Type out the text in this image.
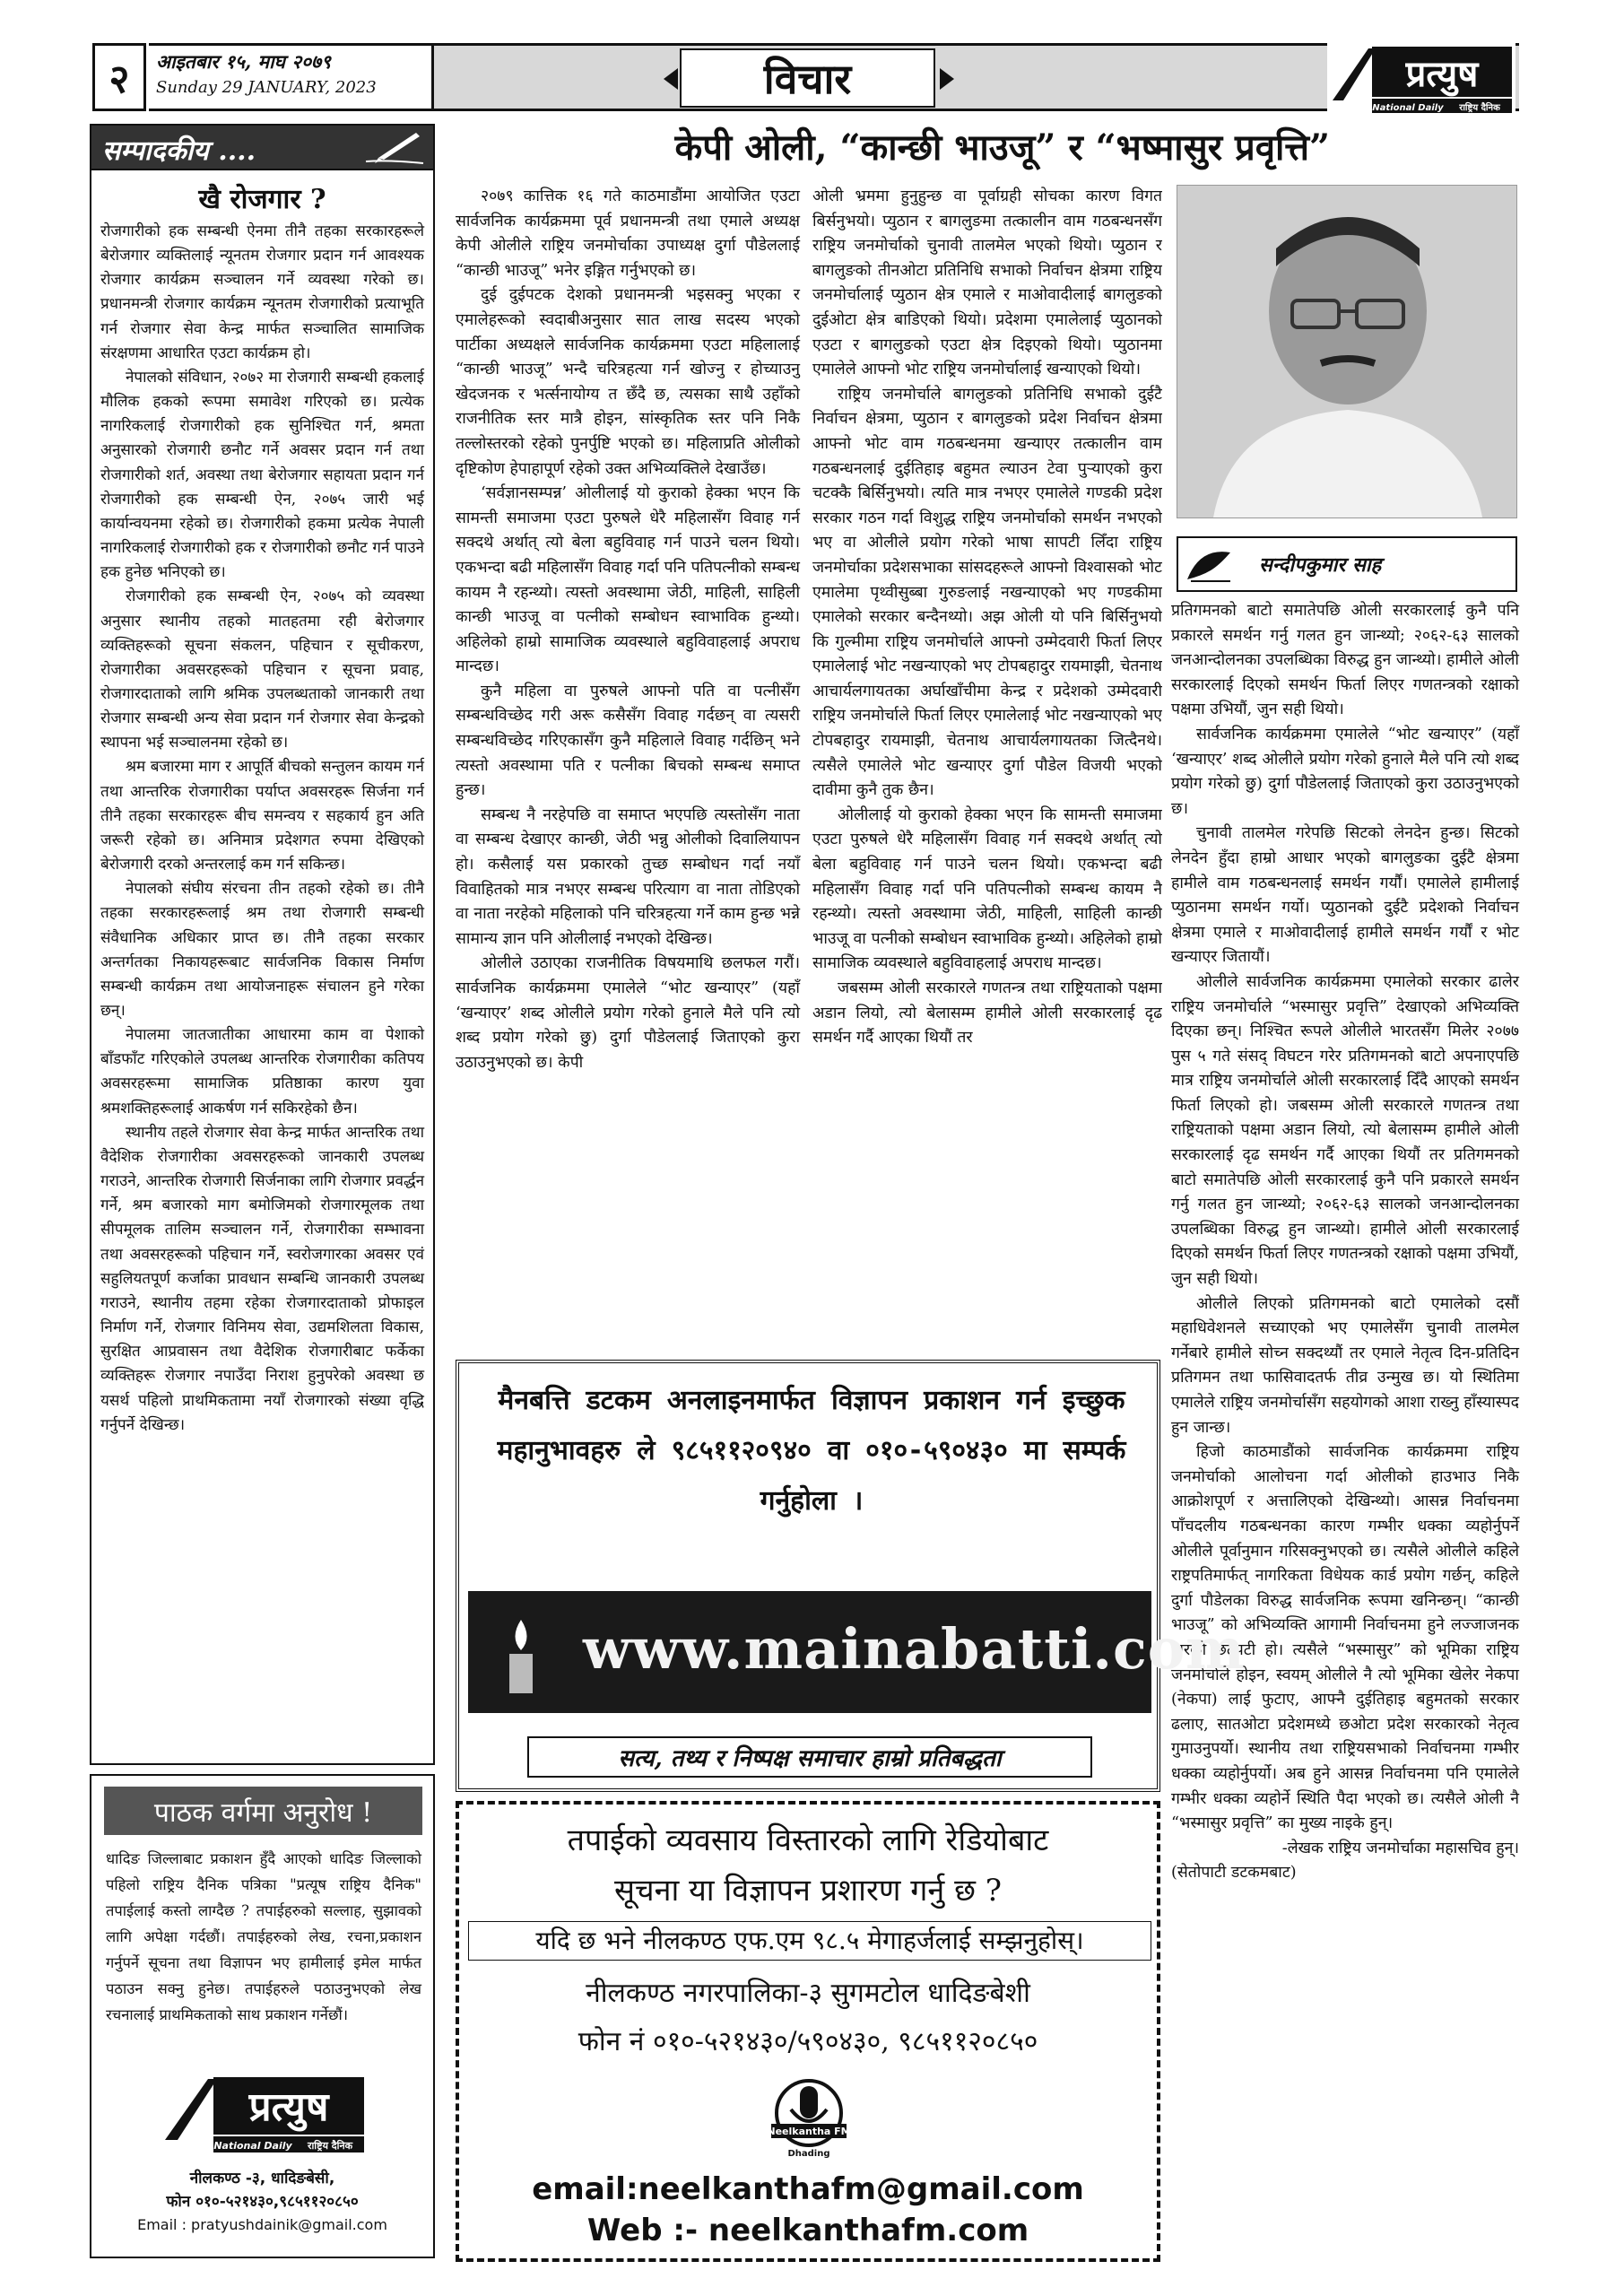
२	आइतबार १५, माघ २०७९
Sunday 29 JANUARY, 2023	विचार	प्रत्युष
National Daily राष्ट्रिय दैनिक
सम्पादकीय ....
खै रोजगार ?

रोजगारीको हक सम्बन्धी ऐनमा तीनै तहका सरकारहरूले बेरोजगार व्यक्तिलाई न्यूनतम रोजगार प्रदान गर्न आवश्यक रोजगार कार्यक्रम सञ्चालन गर्ने व्यवस्था गरेको छ। प्रधानमन्त्री रोजगार कार्यक्रम न्यूनतम रोजगारीको प्रत्याभूति गर्न रोजगार सेवा केन्द्र मार्फत सञ्चालित सामाजिक संरक्षणमा आधारित एउटा कार्यक्रम हो।

नेपालको संविधान, २०७२ मा रोजगारी सम्बन्धी हकलाई मौलिक हकको रूपमा समावेश गरिएको छ। प्रत्येक नागरिकलाई रोजगारीको हक सुनिश्चित गर्न, श्रमता अनुसारको रोजगारी छनौट गर्ने अवसर प्रदान गर्न तथा रोजगारीको शर्त, अवस्था तथा बेरोजगार सहायता प्रदान गर्न रोजगारीको हक सम्बन्धी ऐन, २०७५ जारी भई कार्यान्वयनमा रहेको छ। रोजगारीको हकमा प्रत्येक नेपाली नागरिकलाई रोजगारीको हक र रोजगारीको छनौट गर्न पाउने हक हुनेछ भनिएको छ।

रोजगारीको हक सम्बन्धी ऐन, २०७५ को व्यवस्था अनुसार स्थानीय तहको मातहतमा रही बेरोजगार व्यक्तिहरूको सूचना संकलन, पहिचान र सूचीकरण, रोजगारीका अवसरहरूको पहिचान र सूचना प्रवाह, रोजगारदाताको लागि श्रमिक उपलब्धताको जानकारी तथा रोजगार सम्बन्धी अन्य सेवा प्रदान गर्न रोजगार सेवा केन्द्रको स्थापना भई सञ्चालनमा रहेको छ।

श्रम बजारमा माग र आपूर्ति बीचको सन्तुलन कायम गर्न तथा आन्तरिक रोजगारीका पर्याप्त अवसरहरू सिर्जना गर्न तीनै तहका सरकारहरू बीच समन्वय र सहकार्य हुन अति जरूरी रहेको छ। अनिमात्र प्रदेशगत रुपमा देखिएको बेरोजगारी दरको अन्तरलाई कम गर्न सकिन्छ।

नेपालको संघीय संरचना तीन तहको रहेको छ। तीनै तहका सरकारहरूलाई श्रम तथा रोजगारी सम्बन्धी संवैधानिक अधिकार प्राप्त छ। तीनै तहका सरकार अन्तर्गतका निकायहरूबाट सार्वजनिक विकास निर्माण सम्बन्धी कार्यक्रम तथा आयोजनाहरू संचालन हुने गरेका छन्।

नेपालमा जातजातीका आधारमा काम वा पेशाको बाँडफाँट गरिएकोले उपलब्ध आन्तरिक रोजगारीका कतिपय अवसरहरूमा सामाजिक प्रतिष्ठाका कारण युवा श्रमशक्तिहरूलाई आकर्षण गर्न सकिरहेको छैन।

स्थानीय तहले रोजगार सेवा केन्द्र मार्फत आन्तरिक तथा वैदेशिक रोजगारीका अवसरहरूको जानकारी उपलब्ध गराउने, आन्तरिक रोजगारी सिर्जनाका लागि रोजगार प्रवर्द्धन गर्ने, श्रम बजारको माग बमोजिमको रोजगारमूलक तथा सीपमूलक तालिम सञ्चालन गर्ने, रोजगारीका सम्भावना तथा अवसरहरूको पहिचान गर्ने, स्वरोजगारका अवसर एवं सहुलियतपूर्ण कर्जाका प्रावधान सम्बन्धि जानकारी उपलब्ध गराउने, स्थानीय तहमा रहेका रोजगारदाताको प्रोफाइल निर्माण गर्ने, रोजगार विनिमय सेवा, उद्यमशिलता विकास, सुरक्षित आप्रवासन तथा वैदेशिक रोजगारीबाट फर्केका व्यक्तिहरू रोजगार नपाउँदा निराश हुनुपरेको अवस्था छ यसर्थ पहिलो प्राथमिकतामा नयाँ रोजगारको संख्या वृद्धि गर्नुपर्ने देखिन्छ।

पाठक वर्गमा अनुरोध !
धादिङ जिल्लाबाट प्रकाशन हुँदै आएको धादिङ जिल्लाको पहिलो राष्ट्रिय दैनिक पत्रिका "प्रत्यूष राष्ट्रिय दैनिक" तपाईलाई कस्तो लाग्दैछ ? तपाईहरुको सल्लाह, सुझावको लागि अपेक्षा गर्दछौं। तपाईहरुको लेख, रचना,प्रकाशन गर्नुपर्ने सूचना तथा विज्ञापन भए हामीलाई इमेल मार्फत पठाउन सक्नु हुनेछ। तपाईहरुले पठाउनुभएको लेख रचनालाई प्राथमिकताको साथ प्रकाशन गर्नेछौं।
प्रत्युष
National Daily राष्ट्रिय दैनिक
नीलकण्ठ -३, धादिङबेसी,
फोन ०१०-५२१४३०,९८५११२०८५०
Email : pratyushdainik@gmail.com
केपी ओली, “कान्छी भाउजू” र “भष्मासुर प्रवृत्ति”

२०७९ कात्तिक १६ गते काठमाडौंमा आयोजित एउटा सार्वजनिक कार्यक्रममा पूर्व प्रधानमन्त्री तथा एमाले अध्यक्ष केपी ओलीले राष्ट्रिय जनमोर्चाका उपाध्यक्ष दुर्गा पौडेललाई “कान्छी भाउजू” भनेर इङ्गित गर्नुभएको छ।

दुई दुईपटक देशको प्रधानमन्त्री भइसक्नु भएका र एमालेहरूको स्वदाबीअनुसार सात लाख सदस्य भएको पार्टीका अध्यक्षले सार्वजनिक कार्यक्रममा एउटा महिलालाई “कान्छी भाउजू” भन्दै चरित्रहत्या गर्न खोज्नु र होच्याउनु खेदजनक र भर्त्सनायोग्य त छँदै छ, त्यसका साथै उहाँको राजनीतिक स्तर मात्रै होइन, सांस्कृतिक स्तर पनि निकै तल्लोस्तरको रहेको पुनर्पुष्टि भएको छ। महिलाप्रति ओलीको दृष्टिकोण हेपाहापूर्ण रहेको उक्त अभिव्यक्तिले देखाउँछ।

‘सर्वज्ञानसम्पन्न’ ओलीलाई यो कुराको हेक्का भएन कि सामन्ती समाजमा एउटा पुरुषले धेरै महिलासँग विवाह गर्न सक्दथे अर्थात् त्यो बेला बहुविवाह गर्न पाउने चलन थियो। एकभन्दा बढी महिलासँग विवाह गर्दा पनि पतिपत्नीको सम्बन्ध कायम नै रहन्थ्यो। त्यस्तो अवस्थामा जेठी, माहिली, साहिली कान्छी भाउजू वा पत्नीको सम्बोधन स्वाभाविक हुन्थ्यो। अहिलेको हाम्रो सामाजिक व्यवस्थाले बहुविवाहलाई अपराध मान्दछ।

कुनै महिला वा पुरुषले आफ्नो पति वा पत्नीसँग सम्बन्धविच्छेद गरी अरू कसैसँग विवाह गर्दछन् वा त्यसरी सम्बन्धविच्छेद गरिएकासँग कुनै महिलाले विवाह गर्दछिन् भने त्यस्तो अवस्थामा पति र पत्नीका बिचको सम्बन्ध समाप्त हुन्छ।

सम्बन्ध नै नरहेपछि वा समाप्त भएपछि त्यस्तोसँग नाता वा सम्बन्ध देखाएर कान्छी, जेठी भन्नु ओलीको दिवालियापन हो। कसैलाई यस प्रकारको तुच्छ सम्बोधन गर्दा नयाँ विवाहितको मात्र नभएर सम्बन्ध परित्याग वा नाता तोडिएको वा नाता नरहेको महिलाको पनि चरित्रहत्या गर्ने काम हुन्छ भन्ने सामान्य ज्ञान पनि ओलीलाई नभएको देखिन्छ।

ओलीले उठाएका राजनीतिक विषयमाथि छलफल गरौं। सार्वजनिक कार्यक्रममा एमालेले “भोट खन्याएर” (यहाँ ‘खन्याएर’ शब्द ओलीले प्रयोग गरेको हुनाले मैले पनि त्यो शब्द प्रयोग गरेको छु) दुर्गा पौडेललाई जिताएको कुरा उठाउनुभएको छ। केपी

ओली भ्रममा हुनुहुन्छ वा पूर्वाग्रही सोचका कारण विगत बिर्सनुभयो। प्युठान र बागलुङमा तत्कालीन वाम गठबन्धनसँग राष्ट्रिय जनमोर्चाको चुनावी तालमेल भएको थियो। प्युठान र बागलुङको तीनओटा प्रतिनिधि सभाको निर्वाचन क्षेत्रमा राष्ट्रिय जनमोर्चालाई प्युठान क्षेत्र एमाले र माओवादीलाई बागलुङको दुईओटा क्षेत्र बाडिएको थियो। प्रदेशमा एमालेलाई प्युठानको एउटा र बागलुङको एउटा क्षेत्र दिइएको थियो। प्युठानमा एमालेले आफ्नो भोट राष्ट्रिय जनमोर्चालाई खन्याएको थियो।

राष्ट्रिय जनमोर्चाले बागलुङको प्रतिनिधि सभाको दुईटै निर्वाचन क्षेत्रमा, प्युठान र बागलुङको प्रदेश निर्वाचन क्षेत्रमा आफ्नो भोट वाम गठबन्धनमा खन्याएर तत्कालीन वाम गठबन्धनलाई दुईतिहाइ बहुमत ल्याउन टेवा पुर्‍याएको कुरा चटक्कै बिर्सिनुभयो। त्यति मात्र नभएर एमालेले गण्डकी प्रदेश सरकार गठन गर्दा विशुद्ध राष्ट्रिय जनमोर्चाको समर्थन नभएको भए वा ओलीले प्रयोग गरेको भाषा सापटी लिँदा राष्ट्रिय जनमोर्चाका प्रदेशसभाका सांसदहरूले आफ्नो विश्वासको भोट एमालेमा पृथ्वीसुब्बा गुरुङलाई नखन्याएको भए गण्डकीमा एमालेको सरकार बन्दैनथ्यो। अझ ओली यो पनि बिर्सिनुभयो कि गुल्मीमा राष्ट्रिय जनमोर्चाले आफ्नो उम्मेदवारी फिर्ता लिएर एमालेलाई भोट नखन्याएको भए टोपबहादुर रायमाझी, चेतनाथ आचार्यलगायतका अर्घाखाँचीमा केन्द्र र प्रदेशको उम्मेदवारी राष्ट्रिय जनमोर्चाले फिर्ता लिएर एमालेलाई भोट नखन्याएको भए टोपबहादुर रायमाझी, चेतनाथ आचार्यलगायतका जित्दैनथे। त्यसैले एमालेले भोट खन्याएर दुर्गा पौडेल विजयी भएको दावीमा कुनै तुक छैन।

ओलीलाई यो कुराको हेक्का भएन कि सामन्ती समाजमा एउटा पुरुषले धेरै महिलासँग विवाह गर्न सक्दथे अर्थात् त्यो बेला बहुविवाह गर्न पाउने चलन थियो। एकभन्दा बढी महिलासँग विवाह गर्दा पनि पतिपत्नीको सम्बन्ध कायम नै रहन्थ्यो। त्यस्तो अवस्थामा जेठी, माहिली, साहिली कान्छी भाउजू वा पत्नीको सम्बोधन स्वाभाविक हुन्थ्यो। अहिलेको हाम्रो सामाजिक व्यवस्थाले बहुविवाहलाई अपराध मान्दछ।

जबसम्म ओली सरकारले गणतन्त्र तथा राष्ट्रियताको पक्षमा अडान लियो, त्यो बेलासम्म हामीले ओली सरकारलाई दृढ समर्थन गर्दै आएका थियौं तर

सन्दीपकुमार साह

प्रतिगमनको बाटो समातेपछि ओली सरकारलाई कुनै पनि प्रकारले समर्थन गर्नु गलत हुन जान्थ्यो; २०६२-६३ सालको जनआन्दोलनका उपलब्धिका विरुद्ध हुन जान्थ्यो। हामीले ओली सरकारलाई दिएको समर्थन फिर्ता लिएर गणतन्त्रको रक्षाको पक्षमा उभियौं, जुन सही थियो।

सार्वजनिक कार्यक्रममा एमालेले “भोट खन्याएर” (यहाँ ‘खन्याएर’ शब्द ओलीले प्रयोग गरेको हुनाले मैले पनि त्यो शब्द प्रयोग गरेको छु) दुर्गा पौडेललाई जिताएको कुरा उठाउनुभएको छ।

चुनावी तालमेल गरेपछि सिटको लेनदेन हुन्छ। सिटको लेनदेन हुँदा हाम्रो आधार भएको बागलुङका दुईटै क्षेत्रमा हामीले वाम गठबन्धनलाई समर्थन गर्यौं। एमालेले हामीलाई प्युठानमा समर्थन गर्यो। प्युठानको दुईटै प्रदेशको निर्वाचन क्षेत्रमा एमाले र माओवादीलाई हामीले समर्थन गर्यौं र भोट खन्याएर जितायौं।

ओलीले सार्वजनिक कार्यक्रममा एमालेको सरकार ढालेर राष्ट्रिय जनमोर्चाले “भस्मासुर प्रवृत्ति” देखाएको अभिव्यक्ति दिएका छन्। निश्चित रूपले ओलीले भारतसँग मिलेर २०७७ पुस ५ गते संसद् विघटन गरेर प्रतिगमनको बाटो अपनाएपछि मात्र राष्ट्रिय जनमोर्चाले ओली सरकारलाई दिँदै आएको समर्थन फिर्ता लिएको हो। जबसम्म ओली सरकारले गणतन्त्र तथा राष्ट्रियताको पक्षमा अडान लियो, त्यो बेलासम्म हामीले ओली सरकारलाई दृढ समर्थन गर्दै आएका थियौं तर प्रतिगमनको बाटो समातेपछि ओली सरकारलाई कुनै पनि प्रकारले समर्थन गर्नु गलत हुन जान्थ्यो; २०६२-६३ सालको जनआन्दोलनका उपलब्धिका विरुद्ध हुन जान्थ्यो। हामीले ओली सरकारलाई दिएको समर्थन फिर्ता लिएर गणतन्त्रको रक्षाको पक्षमा उभियौं, जुन सही थियो।

ओलीले लिएको प्रतिगमनको बाटो एमालेको दसौं महाधिवेशनले सच्याएको भए एमालेसँग चुनावी तालमेल गर्नेबारे हामीले सोच्न सक्दथ्यौं तर एमाले नेतृत्व दिन-प्रतिदिन प्रतिगमन तथा फासिवादतर्फ तीव्र उन्मुख छ। यो स्थितिमा एमालेले राष्ट्रिय जनमोर्चासँग सहयोगको आशा राख्नु हाँस्यास्पद हुन जान्छ।

हिजो काठमाडौंको सार्वजनिक कार्यक्रममा राष्ट्रिय जनमोर्चाको आलोचना गर्दा ओलीको हाउभाउ निकै आक्रोशपूर्ण र अत्तालिएको देखिन्थ्यो। आसन्न निर्वाचनमा पाँचदलीय गठबन्धनका कारण गम्भीर धक्का व्यहोर्नुपर्ने ओलीले पूर्वानुमान गरिसक्नुभएको छ। त्यसैले ओलीले कहिले राष्ट्रपतिमार्फत् नागरिकता विधेयक कार्ड प्रयोग गर्छन्, कहिले दुर्गा पौडेलका विरुद्ध सार्वजनिक रूपमा खनिन्छन्। “कान्छी भाउजू” को अभिव्यक्ति आगामी निर्वाचनमा हुने लज्जाजनक हारको छटपटी हो। त्यसैले “भस्मासुर” को भूमिका राष्ट्रिय जनमोर्चाले होइन, स्वयम् ओलीले नै त्यो भूमिका खेलेर नेकपा (नेकपा) लाई फुटाए, आफ्नै दुईतिहाइ बहुमतको सरकार ढलाए, सातओटा प्रदेशमध्ये छओटा प्रदेश सरकारको नेतृत्व गुमाउनुपर्यो। स्थानीय तथा राष्ट्रियसभाको निर्वाचनमा गम्भीर धक्का व्यहोर्नुपर्यो। अब हुने आसन्न निर्वाचनमा पनि एमालेले गम्भीर धक्का व्यहोर्ने स्थिति पैदा भएको छ। त्यसैले ओली नै “भस्मासुर प्रवृत्ति” का मुख्य नाइके हुन्।

-लेखक राष्ट्रिय जनमोर्चाका महासचिव हुन्।

(सेतोपाटी डटकमबाट)

मैनबत्ति डटकम अनलाइनमार्फत विज्ञापन प्रकाशन गर्न इच्छुक महानुभावहरु ले ९८५११२०९४० वा ०१०-५९०४३० मा सम्पर्क गर्नुहोला ।
www.mainabatti.com
सत्य, तथ्य र निष्पक्ष समाचार हाम्रो प्रतिबद्धता
तपाईको व्यवसाय विस्तारको लागि रेडियोबाट
सूचना या विज्ञापन प्रशारण गर्नु छ ?
यदि छ भने नीलकण्ठ एफ.एम ९८.५ मेगाहर्जलाई सम्झनुहोस्।
नीलकण्ठ नगरपालिका-३ सुगमटोल धादिङबेशी
फोन नं ०१०-५२१४३०/५९०४३०, ९८५११२०८५०
Neelkantha FM
Dhading
email:neelkanthafm@gmail.com
Web :- neelkanthafm.com
